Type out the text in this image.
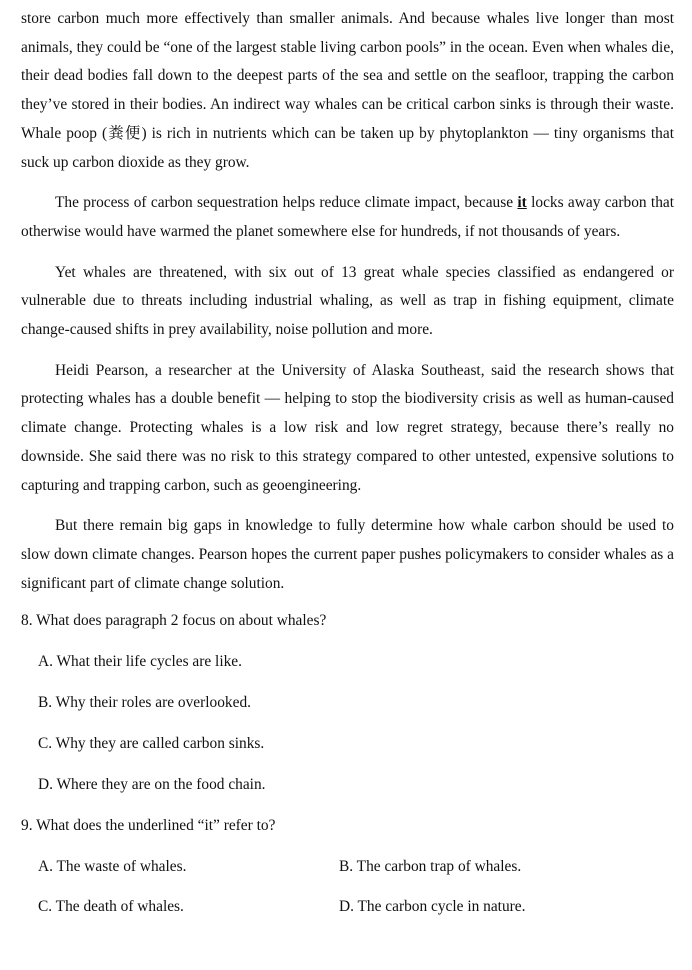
store carbon much more effectively than smaller animals. And because whales live longer than most animals, they could be “one of the largest stable living carbon pools” in the ocean. Even when whales die, their dead bodies fall down to the deepest parts of the sea and settle on the seafloor, trapping the carbon they’ve stored in their bodies. An indirect way whales can be critical carbon sinks is through their waste. Whale poop (粪便) is rich in nutrients which can be taken up by phytoplankton — tiny organisms that suck up carbon dioxide as they grow.

The process of carbon sequestration helps reduce climate impact, because it locks away carbon that otherwise would have warmed the planet somewhere else for hundreds, if not thousands of years.

Yet whales are threatened, with six out of 13 great whale species classified as endangered or vulnerable due to threats including industrial whaling, as well as trap in fishing equipment, climate change-caused shifts in prey availability, noise pollution and more.

Heidi Pearson, a researcher at the University of Alaska Southeast, said the research shows that protecting whales has a double benefit — helping to stop the biodiversity crisis as well as human-caused climate change. Protecting whales is a low risk and low regret strategy, because there’s really no downside. She said there was no risk to this strategy compared to other untested, expensive solutions to capturing and trapping carbon, such as geoengineering.

But there remain big gaps in knowledge to fully determine how whale carbon should be used to slow down climate changes. Pearson hopes the current paper pushes policymakers to consider whales as a significant part of climate change solution.

8. What does paragraph 2 focus on about whales?

A. What their life cycles are like.

B. Why their roles are overlooked.

C. Why they are called carbon sinks.

D. Where they are on the food chain.

9. What does the underlined “it” refer to?

A. The waste of whales.	B. The carbon trap of whales.
C. The death of whales.	D. The carbon cycle in nature.
